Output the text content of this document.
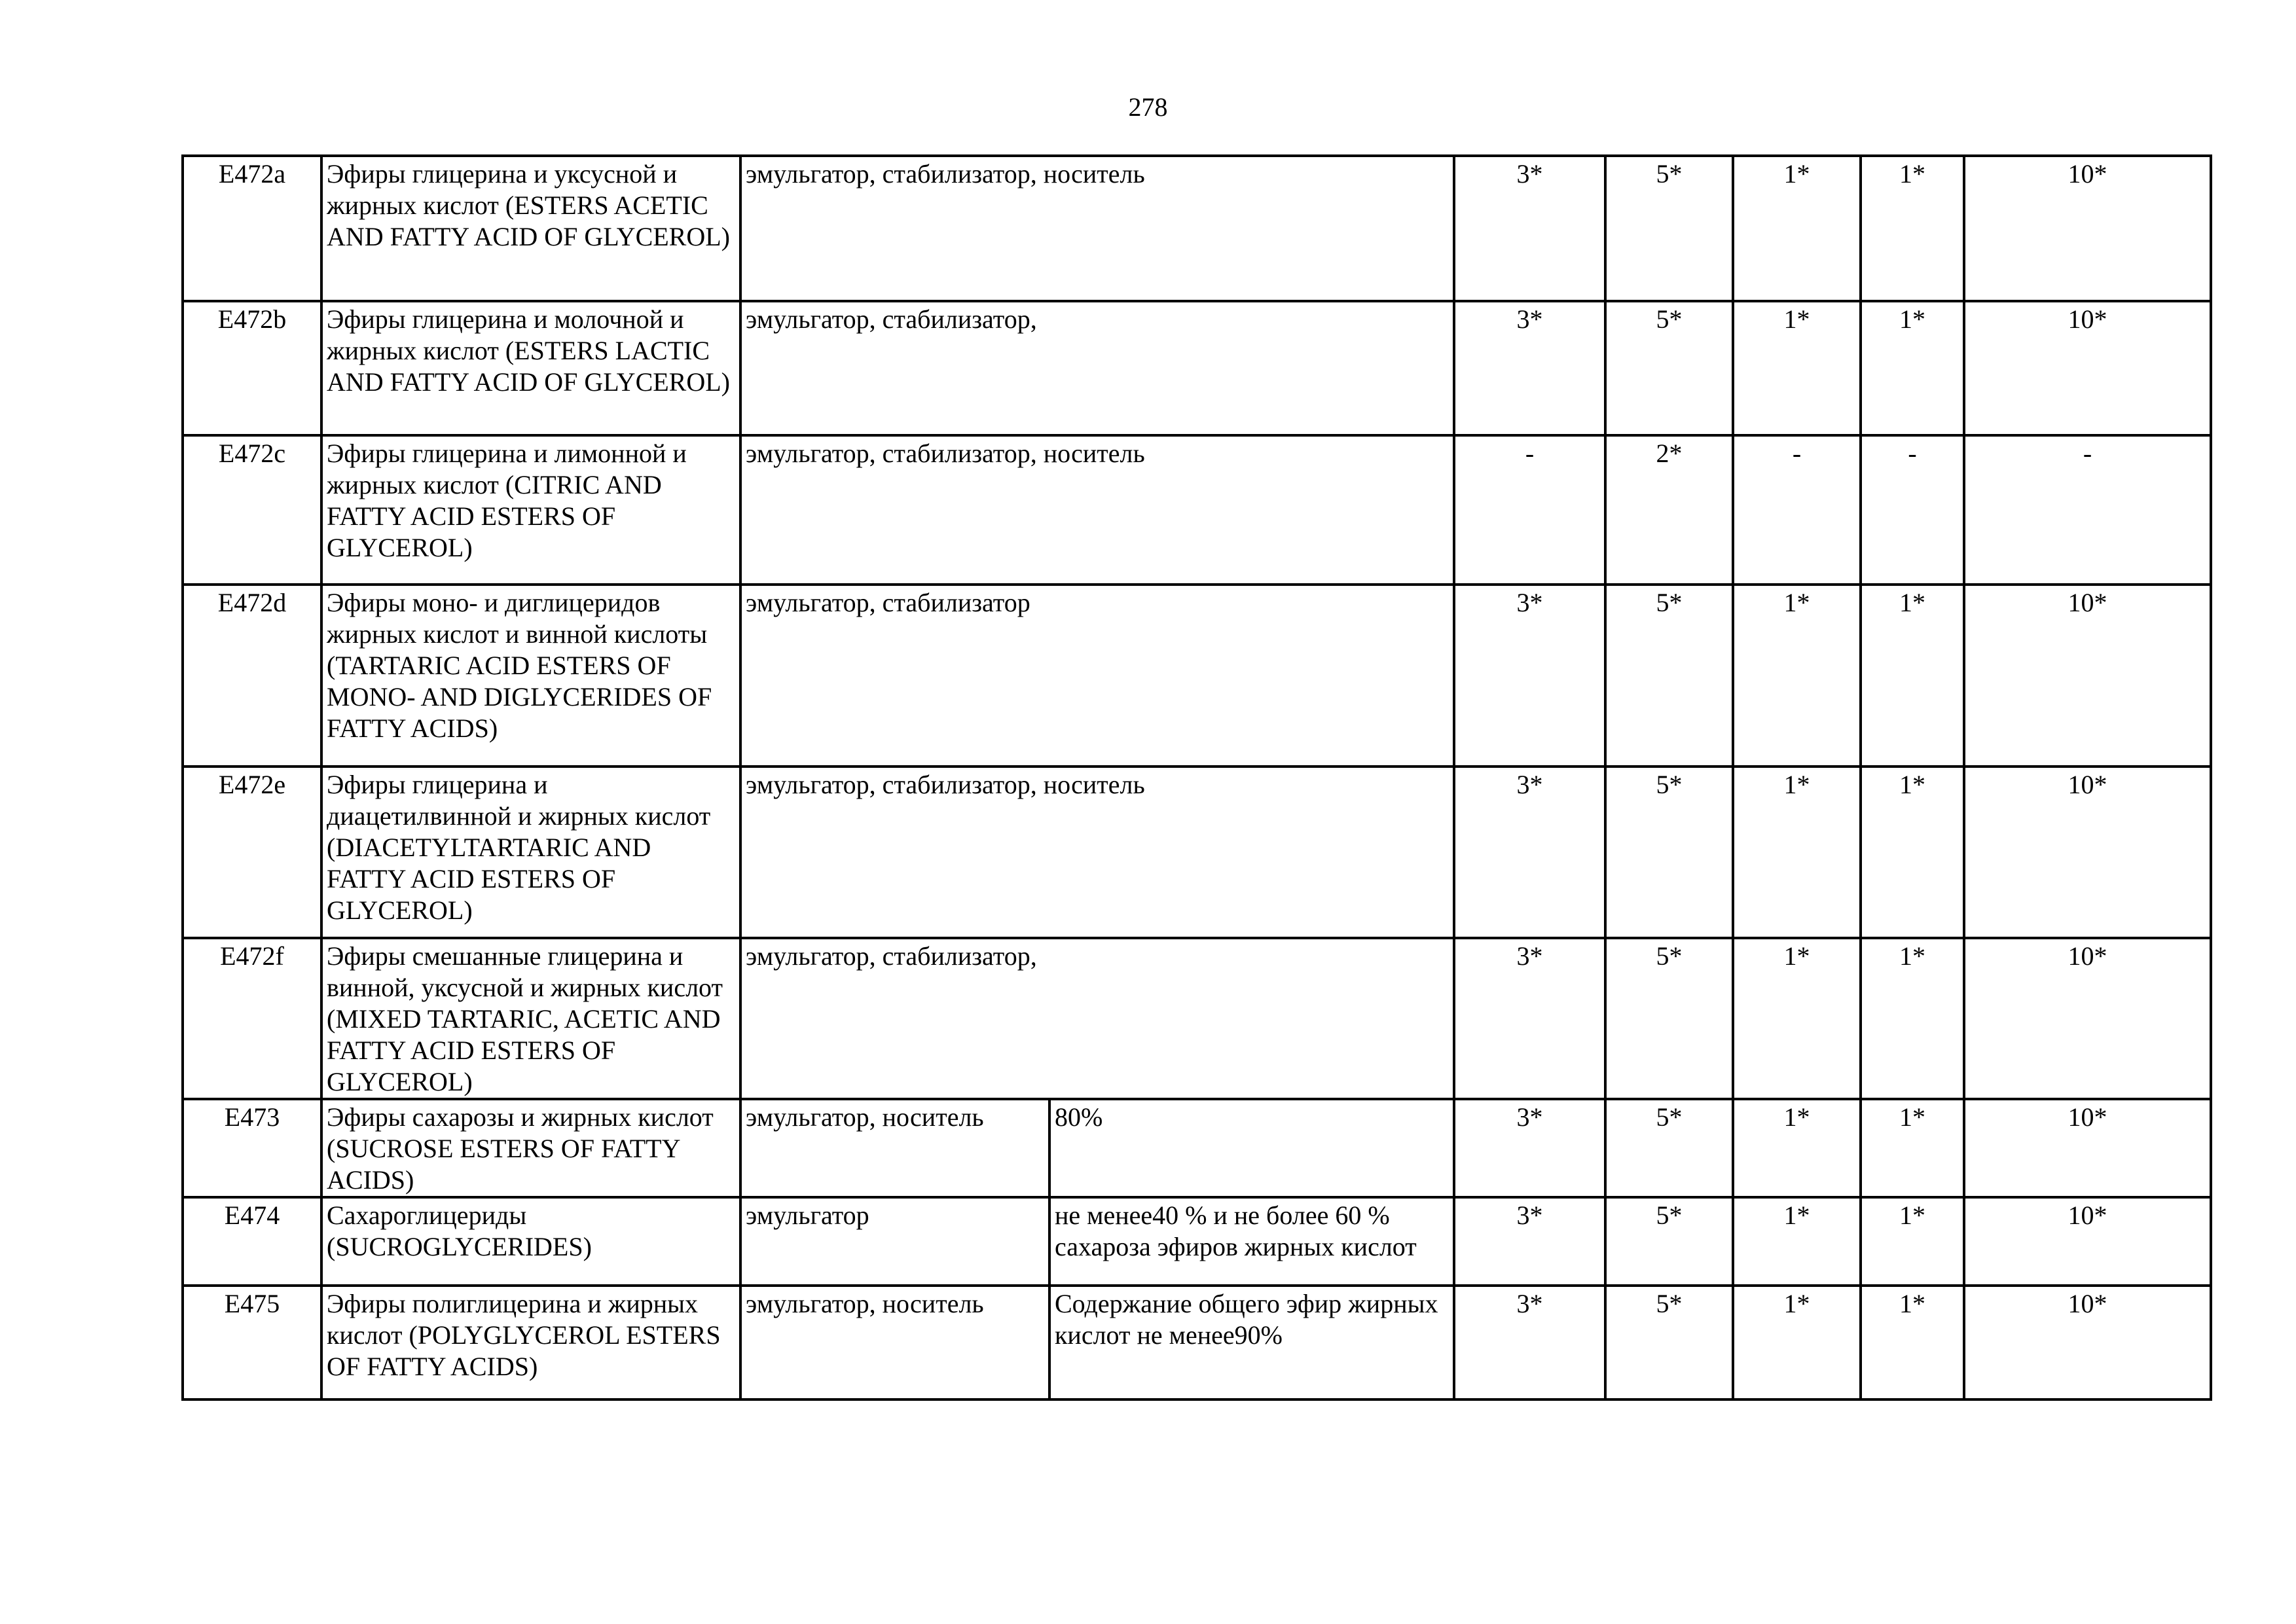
278
E472a	Эфиры глицерина и уксусной и жирных кислот (ESTERS ACETIC AND FATTY ACID OF GLYCEROL)	эмульгатор, стабилизатор, носитель		3*	5*	1*	1*	10*
E472b	Эфиры глицерина и молочной и жирных кислот (ESTERS LACTIC AND FATTY ACID OF GLYCEROL)	эмульгатор, стабилизатор,		3*	5*	1*	1*	10*
E472c	Эфиры глицерина и лимонной и жирных кислот (CITRIC AND FATTY ACID ESTERS OF GLYCEROL)	эмульгатор, стабилизатор, носитель		-	2*	-	-	-
E472d	Эфиры моно- и диглицеридов жирных кислот и винной кислоты (TARTARIC ACID ESTERS OF MONO- AND DIGLYCERIDES OF FATTY ACIDS)	эмульгатор, стабилизатор		3*	5*	1*	1*	10*
E472e	Эфиры глицерина и диацетилвинной и жирных кислот (DIACETYLTARTARIC AND FATTY ACID ESTERS OF GLYCEROL)	эмульгатор, стабилизатор, носитель		3*	5*	1*	1*	10*
E472f	Эфиры смешанные глицерина и винной, уксусной и жирных кислот (MIXED TARTARIC, ACETIC AND FATTY ACID ESTERS OF GLYCEROL)	эмульгатор, стабилизатор,		3*	5*	1*	1*	10*
E473	Эфиры сахарозы и жирных кислот (SUCROSE ESTERS OF FATTY ACIDS)	эмульгатор, носитель	80%	3*	5*	1*	1*	10*
E474	Сахароглицериды (SUCROGLYCERIDES)	эмульгатор	не менее40 % и не более 60 % сахароза эфиров жирных кислот	3*	5*	1*	1*	10*
E475	Эфиры полиглицерина и жирных кислот (POLYGLYCEROL ESTERS OF FATTY ACIDS)	эмульгатор, носитель	Содержание общего эфир жирных кислот не менее90%	3*	5*	1*	1*	10*
